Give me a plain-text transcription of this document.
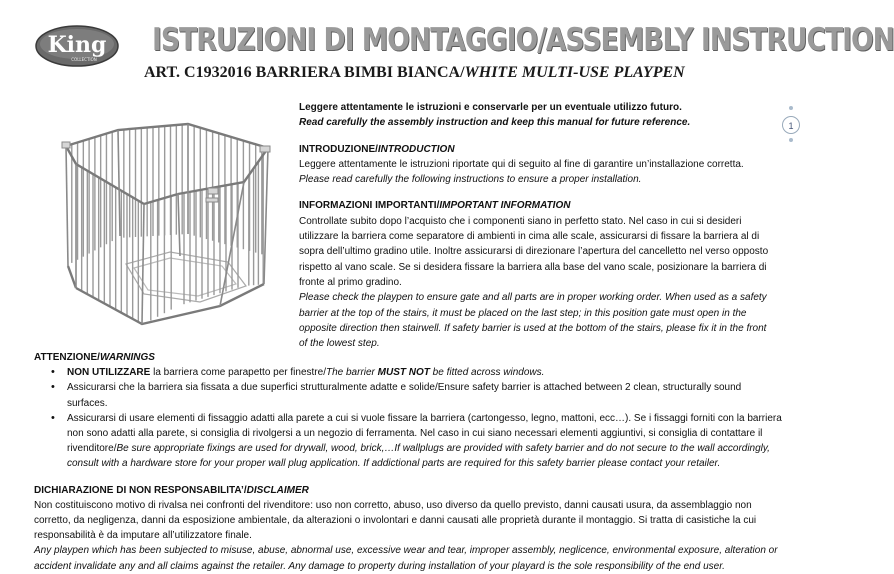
King
COLLECTION
ISTRUZIONI DI MONTAGGIO/ASSEMBLY INSTRUCTION
ART. C1932016 BARRIERA BIMBI BIANCA/WHITE MULTI-USE PLAYPEN
1

Leggere attentamente le istruzioni e conservarle per un eventuale utilizzo futuro.

Read carefully the assembly instruction and keep this manual for future reference.

INTRODUZIONE/INTRODUCTION

Leggere attentamente le istruzioni riportate qui di seguito al fine di garantire un’installazione corretta.

Please read carefully the following instructions to ensure a proper installation.

INFORMAZIONI IMPORTANTI/IMPORTANT INFORMATION

Controllate subito dopo l’acquisto che i componenti siano in perfetto stato. Nel caso in cui si desideri utilizzare la barriera come separatore di ambienti in cima alle scale, assicurarsi di fissare la barriera al di sopra dell’ultimo gradino utile. Inoltre assicurarsi di direzionare l’apertura del cancelletto nel verso opposto rispetto al vano scale. Se si desidera fissare la barriera alla base del vano scale, posizionare la barriera di fronte al primo gradino.

Please check the playpen to ensure gate and all parts are in proper working order. When used as a safety barrier at the top of the stairs, it must be placed on the last step; in this position gate must open in the opposite direction then stairwell. If safety barrier is used at the bottom of the stairs, please fix it in the front of the lowest step.

ATTENZIONE/WARNINGS

• NON UTILIZZARE la barriera come parapetto per finestre/The barrier MUST NOT be fitted across windows.
• Assicurarsi che la barriera sia fissata a due superfici strutturalmente adatte e solide/Ensure safety barrier is attached between 2 clean, structurally sound surfaces.
• Assicurarsi di usare elementi di fissaggio adatti alla parete a cui si vuole fissare la barriera (cartongesso, legno, mattoni, ecc…). Se i fissaggi forniti con la barriera non sono adatti alla parete, si consiglia di rivolgersi a un negozio di ferramenta. Nel caso in cui siano necessari elementi aggiuntivi, si consiglia di contattare il rivenditore/Be sure appropriate fixings are used for drywall, wood, brick,…If wallplugs are provided with safety barrier and do not secure to the wall accordingly, consult with a hardware store for your proper wall plug application. If addictional parts are required for this safety barrier please contact your retailer.

DICHIARAZIONE DI NON RESPONSABILITA’/DISCLAIMER

Non costituiscono motivo di rivalsa nei confronti del rivenditore: uso non corretto, abuso, uso diverso da quello previsto, danni causati usura, da assemblaggio non corretto, da negligenza, danni da esposizione ambientale, da alterazioni o involontari e danni causati alle proprietà durante il montaggio. Si tratta di casistiche la cui responsabilità è da imputare all’utilizzatore finale.

Any playpen which has been subjected to misuse, abuse, abnormal use, excessive wear and tear, improper assembly, neglicence, environmental exposure, alteration or accident invalidate any and all claims against the retailer. Any damage to property during installation of your playard is the sole responsibility of the end user.
